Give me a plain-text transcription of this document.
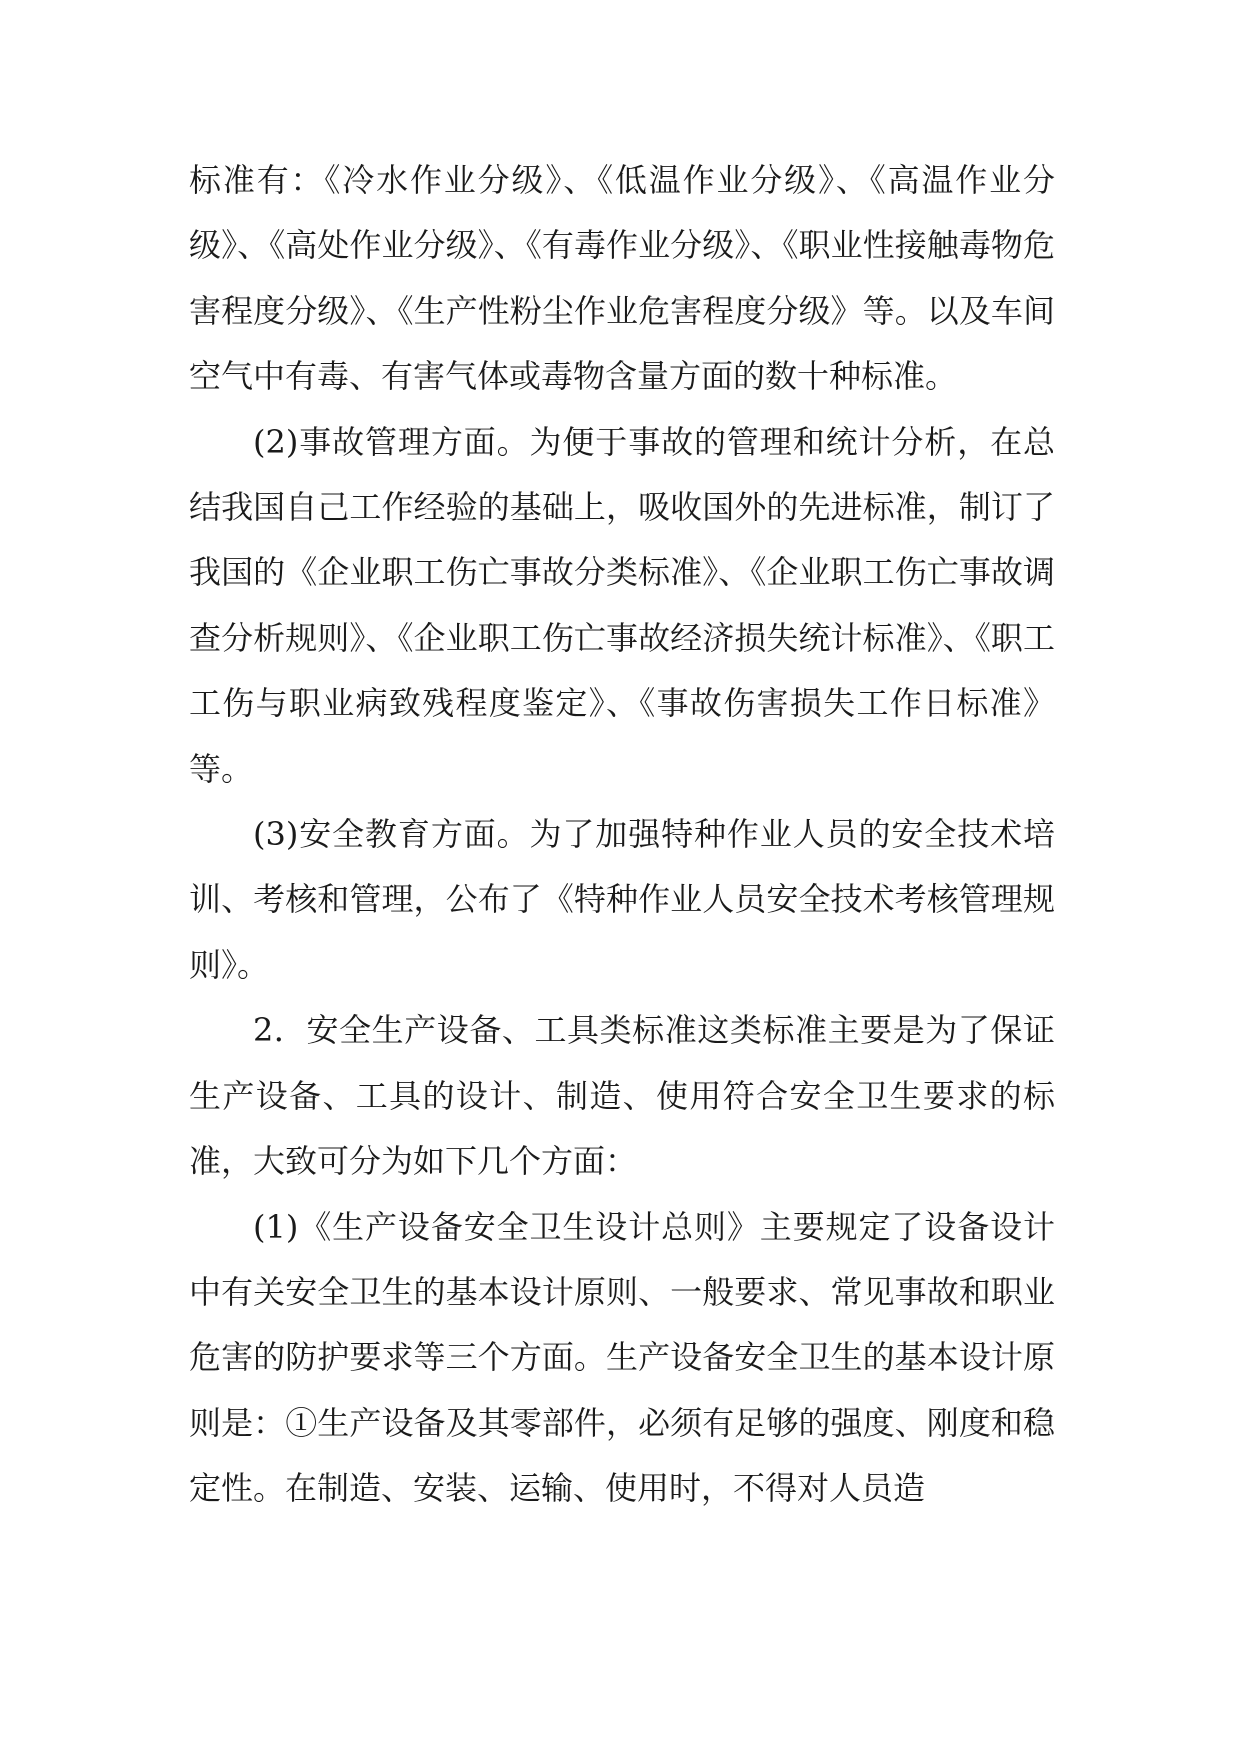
标准有：《冷水作业分级》、《低温作业分级》、《高温作业分级》、《高处作业分级》、《有毒作业分级》、《职业性接触毒物危害程度分级》、《生产性粉尘作业危害程度分级》等。以及车间空气中有毒、有害气体或毒物含量方面的数十种标准。

(2)事故管理方面。为便于事故的管理和统计分析，在总结我国自己工作经验的基础上，吸收国外的先进标准，制订了我国的《企业职工伤亡事故分类标准》、《企业职工伤亡事故调查分析规则》、《企业职工伤亡事故经济损失统计标准》、《职工工伤与职业病致残程度鉴定》、《事故伤害损失工作日标准》等。

(3)安全教育方面。为了加强特种作业人员的安全技术培训、考核和管理，公布了《特种作业人员安全技术考核管理规则》。

2．安全生产设备、工具类标准这类标准主要是为了保证生产设备、工具的设计、制造、使用符合安全卫生要求的标准，大致可分为如下几个方面：

(1)《生产设备安全卫生设计总则》主要规定了设备设计中有关安全卫生的基本设计原则、一般要求、常见事故和职业危害的防护要求等三个方面。生产设备安全卫生的基本设计原则是：①生产设备及其零部件，必须有足够的强度、刚度和稳定性。在制造、安装、运输、使用时，不得对人员造
